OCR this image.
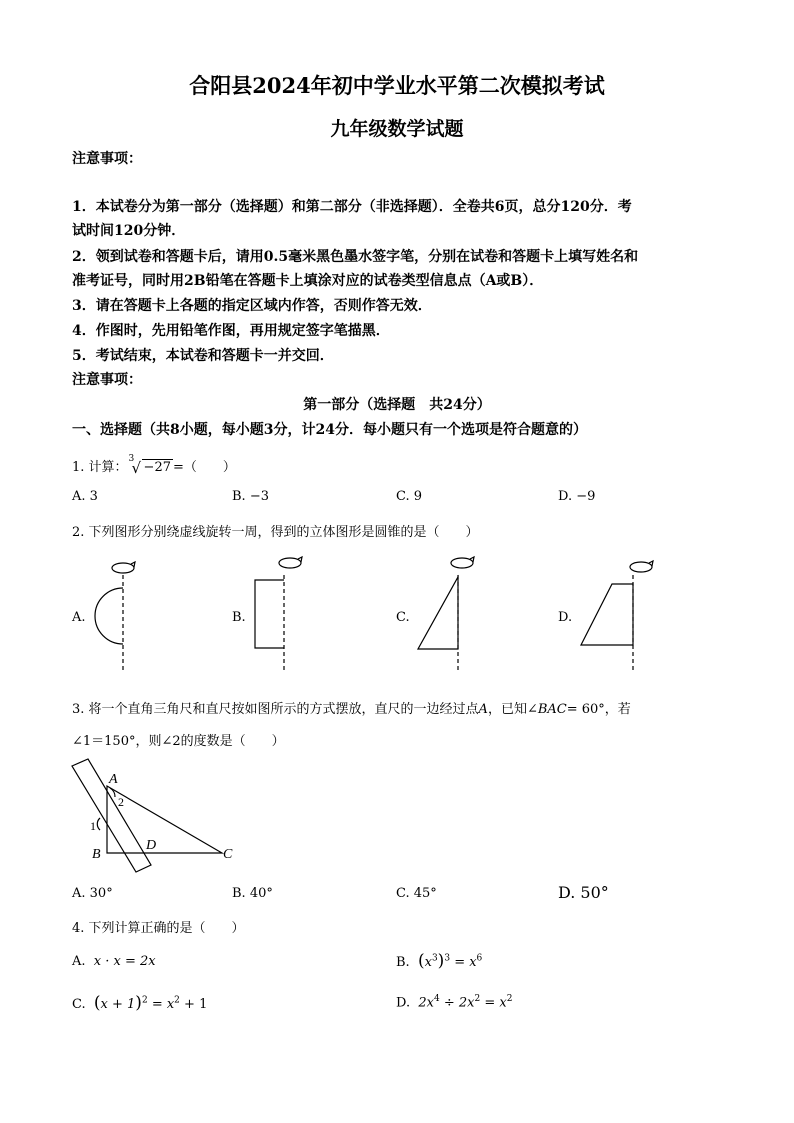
合阳县2024年初中学业水平第二次模拟考试
九年级数学试题
注意事项：
1．本试卷分为第一部分（选择题）和第二部分（非选择题）．全卷共6页，总分120分．考
试时间120分钟．
2．领到试卷和答题卡后，请用0.5毫米黑色墨水签字笔，分别在试卷和答题卡上填写姓名和
准考证号，同时用2B铅笔在答题卡上填涂对应的试卷类型信息点（A或B）．
3．请在答题卡上各题的指定区域内作答，否则作答无效．
4．作图时，先用铅笔作图，再用规定签字笔描黑．
5．考试结束，本试卷和答题卡一并交回．
注意事项：
第一部分（选择题　共24分）
一、选择题（共8小题，每小题3分，计24分．每小题只有一个选项是符合题意的）
1. 计算：
3
√ −27 =（　　）
A. 3	B. −3	C. 9	D. −9
2. 下列图形分别绕虚线旋转一周，得到的立体图形是圆锥的是（　　）
A.	B.	C.	D.
3. 将一个直角三角尺和直尺按如图所示的方式摆放，直尺的一边经过点A，已知∠BAC= 60°，若
∠1＝150°，则∠2的度数是（　　）
A
2
1
B
D
C
A. 30°	B. 40°	C. 45°	D. 50°
4. 下列计算正确的是（　　）
A. x · x = 2x	B. $(x^3)^3 = x^6$
C. $(x + 1)^2 = x^2 + 1$	D. $2x^4 \div 2x^2 = x^2$
